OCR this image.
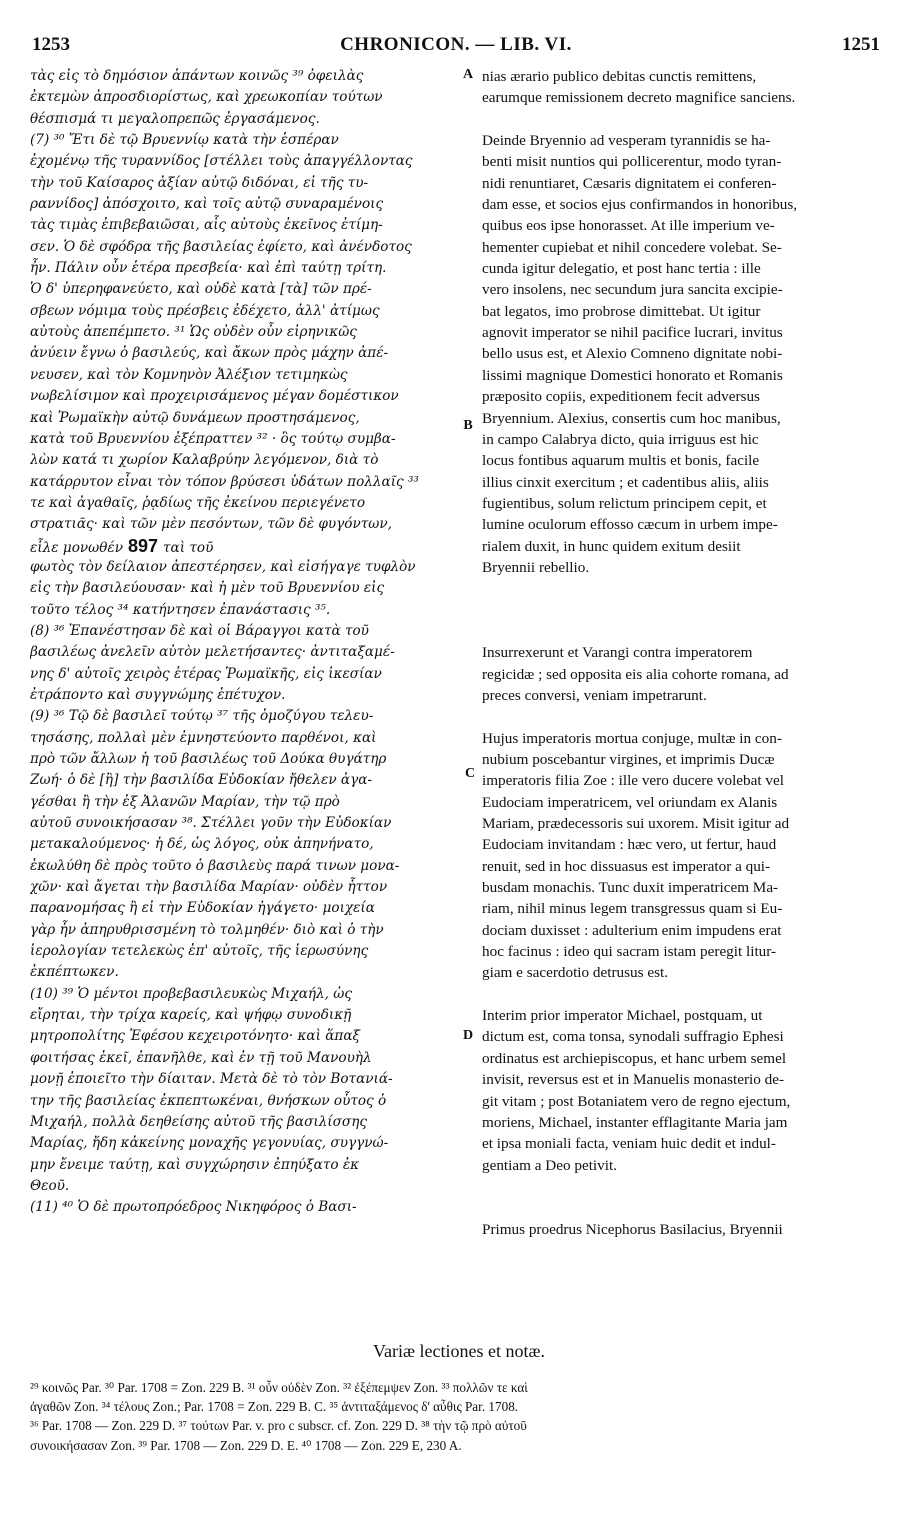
1253	CHRONICON. — LIB. VI.	1251
τὰς εἰς τὸ δημόσιον ἁπάντων κοινῶς ³⁹ ὀφειλὰς
ἐκτεμὼν ἀπροσδιορίστως, καὶ χρεωκοπίαν τούτων
θέσπισμά τι μεγαλοπρεπῶς ἐργασάμενος.
(7) ³⁰ Ἔτι δὲ τῷ Βρυεννίῳ κατὰ τὴν ἑσπέραν
ἐχομένῳ τῆς τυραννίδος [στέλλει τοὺς ἀπαγγέλλοντας
τὴν τοῦ Καίσαρος ἀξίαν αὐτῷ διδόναι, εἰ τῆς τυ-
ραννίδος] ἀπόσχοιτο, καὶ τοῖς αὐτῷ συναραμένοις
τὰς τιμὰς ἐπιβεβαιῶσαι, αἷς αὐτοὺς ἐκεῖνος ἐτίμη-
σεν. Ὁ δὲ σφόδρα τῆς βασιλείας ἐφίετο, καὶ ἀνένδοτος
ἦν. Πάλιν οὖν ἑτέρα πρεσβεία· καὶ ἐπὶ ταύτῃ τρίτη.
Ὁ δ' ὑπερηφανεύετο, καὶ οὐδὲ κατὰ [τὰ] τῶν πρέ-
σβεων νόμιμα τοὺς πρέσβεις ἐδέχετο, ἀλλ' ἀτίμως
αὐτοὺς ἀπεπέμπετο. ³¹ Ὡς οὐδὲν οὖν εἰρηνικῶς
ἀνύειν ἔγνω ὁ βασιλεύς, καὶ ἄκων πρὸς μάχην ἀπέ-
νευσεν, καὶ τὸν Κομνηνὸν Ἀλέξιον τετιμηκὼς
νωβελίσιμον καὶ προχειρισάμενος μέγαν δομέστικον
καὶ Ῥωμαϊκὴν αὐτῷ δυνάμεων προστησάμενος,
κατὰ τοῦ Βρυεννίου ἐξέπραττεν ³² · ὃς τούτῳ συμβα-
λὼν κατά τι χωρίον Καλαβρύην λεγόμενον, διὰ τὸ
κατάρρυτον εἶναι τὸν τόπον βρύσεσι ὑδάτων πολλαῖς ³³
τε καὶ ἀγαθαῖς, ῥᾳδίως τῆς ἐκείνου περιεγένετο
στρατιᾶς· καὶ τῶν μὲν πεσόντων, τῶν δὲ φυγόντων,
εἷλε μονωθέν 897 ταὶ τοῦ
φωτὸς τὸν δείλαιον ἀπεστέρησεν, καὶ εἰσήγαγε τυφλὸν
εἰς τὴν βασιλεύουσαν· καὶ ἡ μὲν τοῦ Βρυεννίου εἰς
τοῦτο τέλος ³⁴ κατήντησεν ἐπανάστασις ³⁵.
(8) ³⁶ Ἐπανέστησαν δὲ καὶ οἱ Βάραγγοι κατὰ τοῦ
βασιλέως ἀνελεῖν αὐτὸν μελετήσαντες· ἀντιταξαμέ-
νης δ' αὐτοῖς χειρὸς ἑτέρας Ῥωμαϊκῆς, εἰς ἱκεσίαν
ἐτράποντο καὶ συγγνώμης ἐπέτυχον.
(9) ³⁶ Τῷ δὲ βασιλεῖ τούτῳ ³⁷ τῆς ὁμοζύγου τελευ-
τησάσης, πολλαὶ μὲν ἐμνηστεύοντο παρθένοι, καὶ
πρὸ τῶν ἄλλων ἡ τοῦ βασιλέως τοῦ Δούκα θυγάτηρ
Ζωή· ὁ δὲ [ἢ] τὴν βασιλίδα Εὐδοκίαν ἤθελεν ἀγα-
γέσθαι ἢ τὴν ἐξ Ἀλανῶν Μαρίαν, τὴν τῷ πρὸ
αὐτοῦ συνοικήσασαν ³⁸. Στέλλει γοῦν τὴν Εὐδοκίαν
μετακαλούμενος· ἡ δέ, ὡς λόγος, οὐκ ἀπηνήνατο,
ἐκωλύθη δὲ πρὸς τοῦτο ὁ βασιλεὺς παρά τινων μονα-
χῶν· καὶ ἄγεται τὴν βασιλίδα Μαρίαν· οὐδὲν ἧττον
παρανομήσας ἢ εἰ τὴν Εὐδοκίαν ἠγάγετο· μοιχεία
γὰρ ἦν ἀπηρυθρισσμένη τὸ τολμηθέν· διὸ καὶ ὁ τὴν
ἱερολογίαν τετελεκὼς ἐπ' αὐτοῖς, τῆς ἱερωσύνης
ἐκπέπτωκεν.
(10) ³⁹ Ὁ μέντοι προβεβασιλευκὼς Μιχαήλ, ὡς
εἴρηται, τὴν τρίχα καρείς, καὶ ψήφῳ συνοδικῇ
μητροπολίτης Ἐφέσου κεχειροτόνητο· καὶ ἅπαξ
φοιτήσας ἐκεῖ, ἐπανῆλθε, καὶ ἐν τῇ τοῦ Μανουὴλ
μονῇ ἐποιεῖτο τὴν δίαιταν. Μετὰ δὲ τὸ τὸν Βοτανιά-
την τῆς βασιλείας ἐκπεπτωκέναι, θνήσκων οὗτος ὁ
Μιχαήλ, πολλὰ δεηθείσης αὐτοῦ τῆς βασιλίσσης
Μαρίας, ἤδη κἀκείνης μοναχῆς γεγονυίας, συγγνώ-
μην ἔνειμε ταύτῃ, καὶ συγχώρησιν ἐπηύξατο ἐκ
Θεοῦ.
(11) ⁴⁰ Ὁ δὲ πρωτοπρόεδρος Νικηφόρος ὁ Βασι-
A
B
C
D
nias ærario publico debitas cunctis remittens,
earumque remissionem decreto magnifice sanciens.
Deinde Bryennio ad vesperam tyrannidis se ha-
benti misit nuntios qui pollicerentur, modo tyran-
nidi renuntiaret, Cæsaris dignitatem ei conferen-
dam esse, et socios ejus confirmandos in honoribus,
quibus eos ipse honorasset. At ille imperium ve-
hementer cupiebat et nihil concedere volebat. Se-
cunda igitur delegatio, et post hanc tertia : ille
vero insolens, nec secundum jura sancita excipie-
bat legatos, imo probrose dimittebat. Ut igitur
agnovit imperator se nihil pacifice lucrari, invitus
bello usus est, et Alexio Comneno dignitate nobi-
lissimi magnique Domestici honorato et Romanis
præposito copiis, expeditionem fecit adversus
Bryennium. Alexius, consertis cum hoc manibus,
in campo Calabrya dicto, quia irriguus est hic
locus fontibus aquarum multis et bonis, facile
illius cinxit exercitum ; et cadentibus aliis, aliis
fugientibus, solum relictum principem cepit, et
lumine oculorum effosso cæcum in urbem impe-
rialem duxit, in hunc quidem exitum desiit
Bryennii rebellio.
Insurrexerunt et Varangi contra imperatorem
regicidæ ; sed opposita eis alia cohorte romana, ad
preces conversi, veniam impetrarunt.
Hujus imperatoris mortua conjuge, multæ in con-
nubium poscebantur virgines, et imprimis Ducæ
imperatoris filia Zoe : ille vero ducere volebat vel
Eudociam imperatricem, vel oriundam ex Alanis
Mariam, prædecessoris sui uxorem. Misit igitur ad
Eudociam invitandam : hæc vero, ut fertur, haud
renuit, sed in hoc dissuasus est imperator a qui-
busdam monachis. Tunc duxit imperatricem Ma-
riam, nihil minus legem transgressus quam si Eu-
dociam duxisset : adulterium enim impudens erat
hoc facinus : ideo qui sacram istam peregit litur-
giam e sacerdotio detrusus est.
Interim prior imperator Michael, postquam, ut
dictum est, coma tonsa, synodali suffragio Ephesi
ordinatus est archiepiscopus, et hanc urbem semel
invisit, reversus est et in Manuelis monasterio de-
git vitam ; post Botaniatem vero de regno ejectum,
moriens, Michael, instanter efflagitante Maria jam
et ipsa moniali facta, veniam huic dedit et indul-
gentiam a Deo petivit.
Primus proedrus Nicephorus Basilacius, Bryennii
Variæ lectiones et notæ.
²⁹ κοινῶς Par. ³⁰ Par. 1708 = Zon. 229 B. ³¹ οὖν οὐδὲν Zon. ³² ἐξέπεμψεν Zon. ³³ πολλῶν τε καὶ
ἀγαθῶν Zon. ³⁴ τέλους Zon.; Par. 1708 = Zon. 229 B. C. ³⁵ ἀντιταξάμενος δ' αὖθις Par. 1708.
³⁶ Par. 1708 — Zon. 229 D. ³⁷ τούτων Par. v. pro c subscr. cf. Zon. 229 D. ³⁸ τὴν τῷ πρὸ αὐτοῦ
συνοικήσασαν Zon. ³⁹ Par. 1708 — Zon. 229 D. E. ⁴⁰ 1708 — Zon. 229 E, 230 A.
